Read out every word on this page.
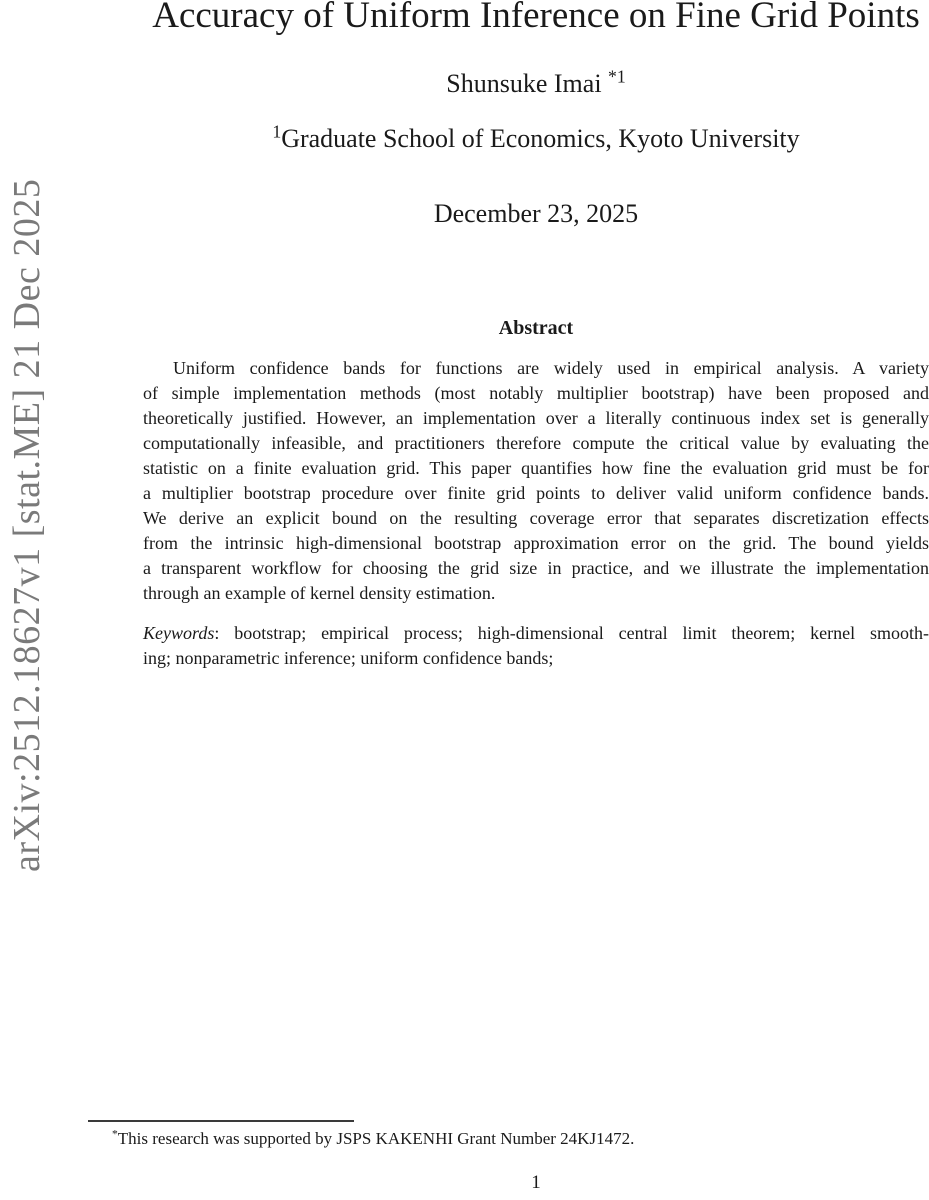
arXiv:2512.18627v1 [stat.ME] 21 Dec 2025
Accuracy of Uniform Inference on Fine Grid Points
Shunsuke Imai $^{*1}$
$^1$Graduate School of Economics, Kyoto University
December 23, 2025
Abstract
Uniform confidence bands for functions are widely used in empirical analysis. A variety
of simple implementation methods (most notably multiplier bootstrap) have been proposed and
theoretically justified. However, an implementation over a literally continuous index set is generally
computationally infeasible, and practitioners therefore compute the critical value by evaluating the
statistic on a finite evaluation grid. This paper quantifies how fine the evaluation grid must be for
a multiplier bootstrap procedure over finite grid points to deliver valid uniform confidence bands.
We derive an explicit bound on the resulting coverage error that separates discretization effects
from the intrinsic high-dimensional bootstrap approximation error on the grid. The bound yields
a transparent workflow for choosing the grid size in practice, and we illustrate the implementation
through an example of kernel density estimation.
Keywords: bootstrap; empirical process; high-dimensional central limit theorem; kernel smooth-
ing; nonparametric inference; uniform confidence bands;
1
*This research was supported by JSPS KAKENHI Grant Number 24KJ1472.
